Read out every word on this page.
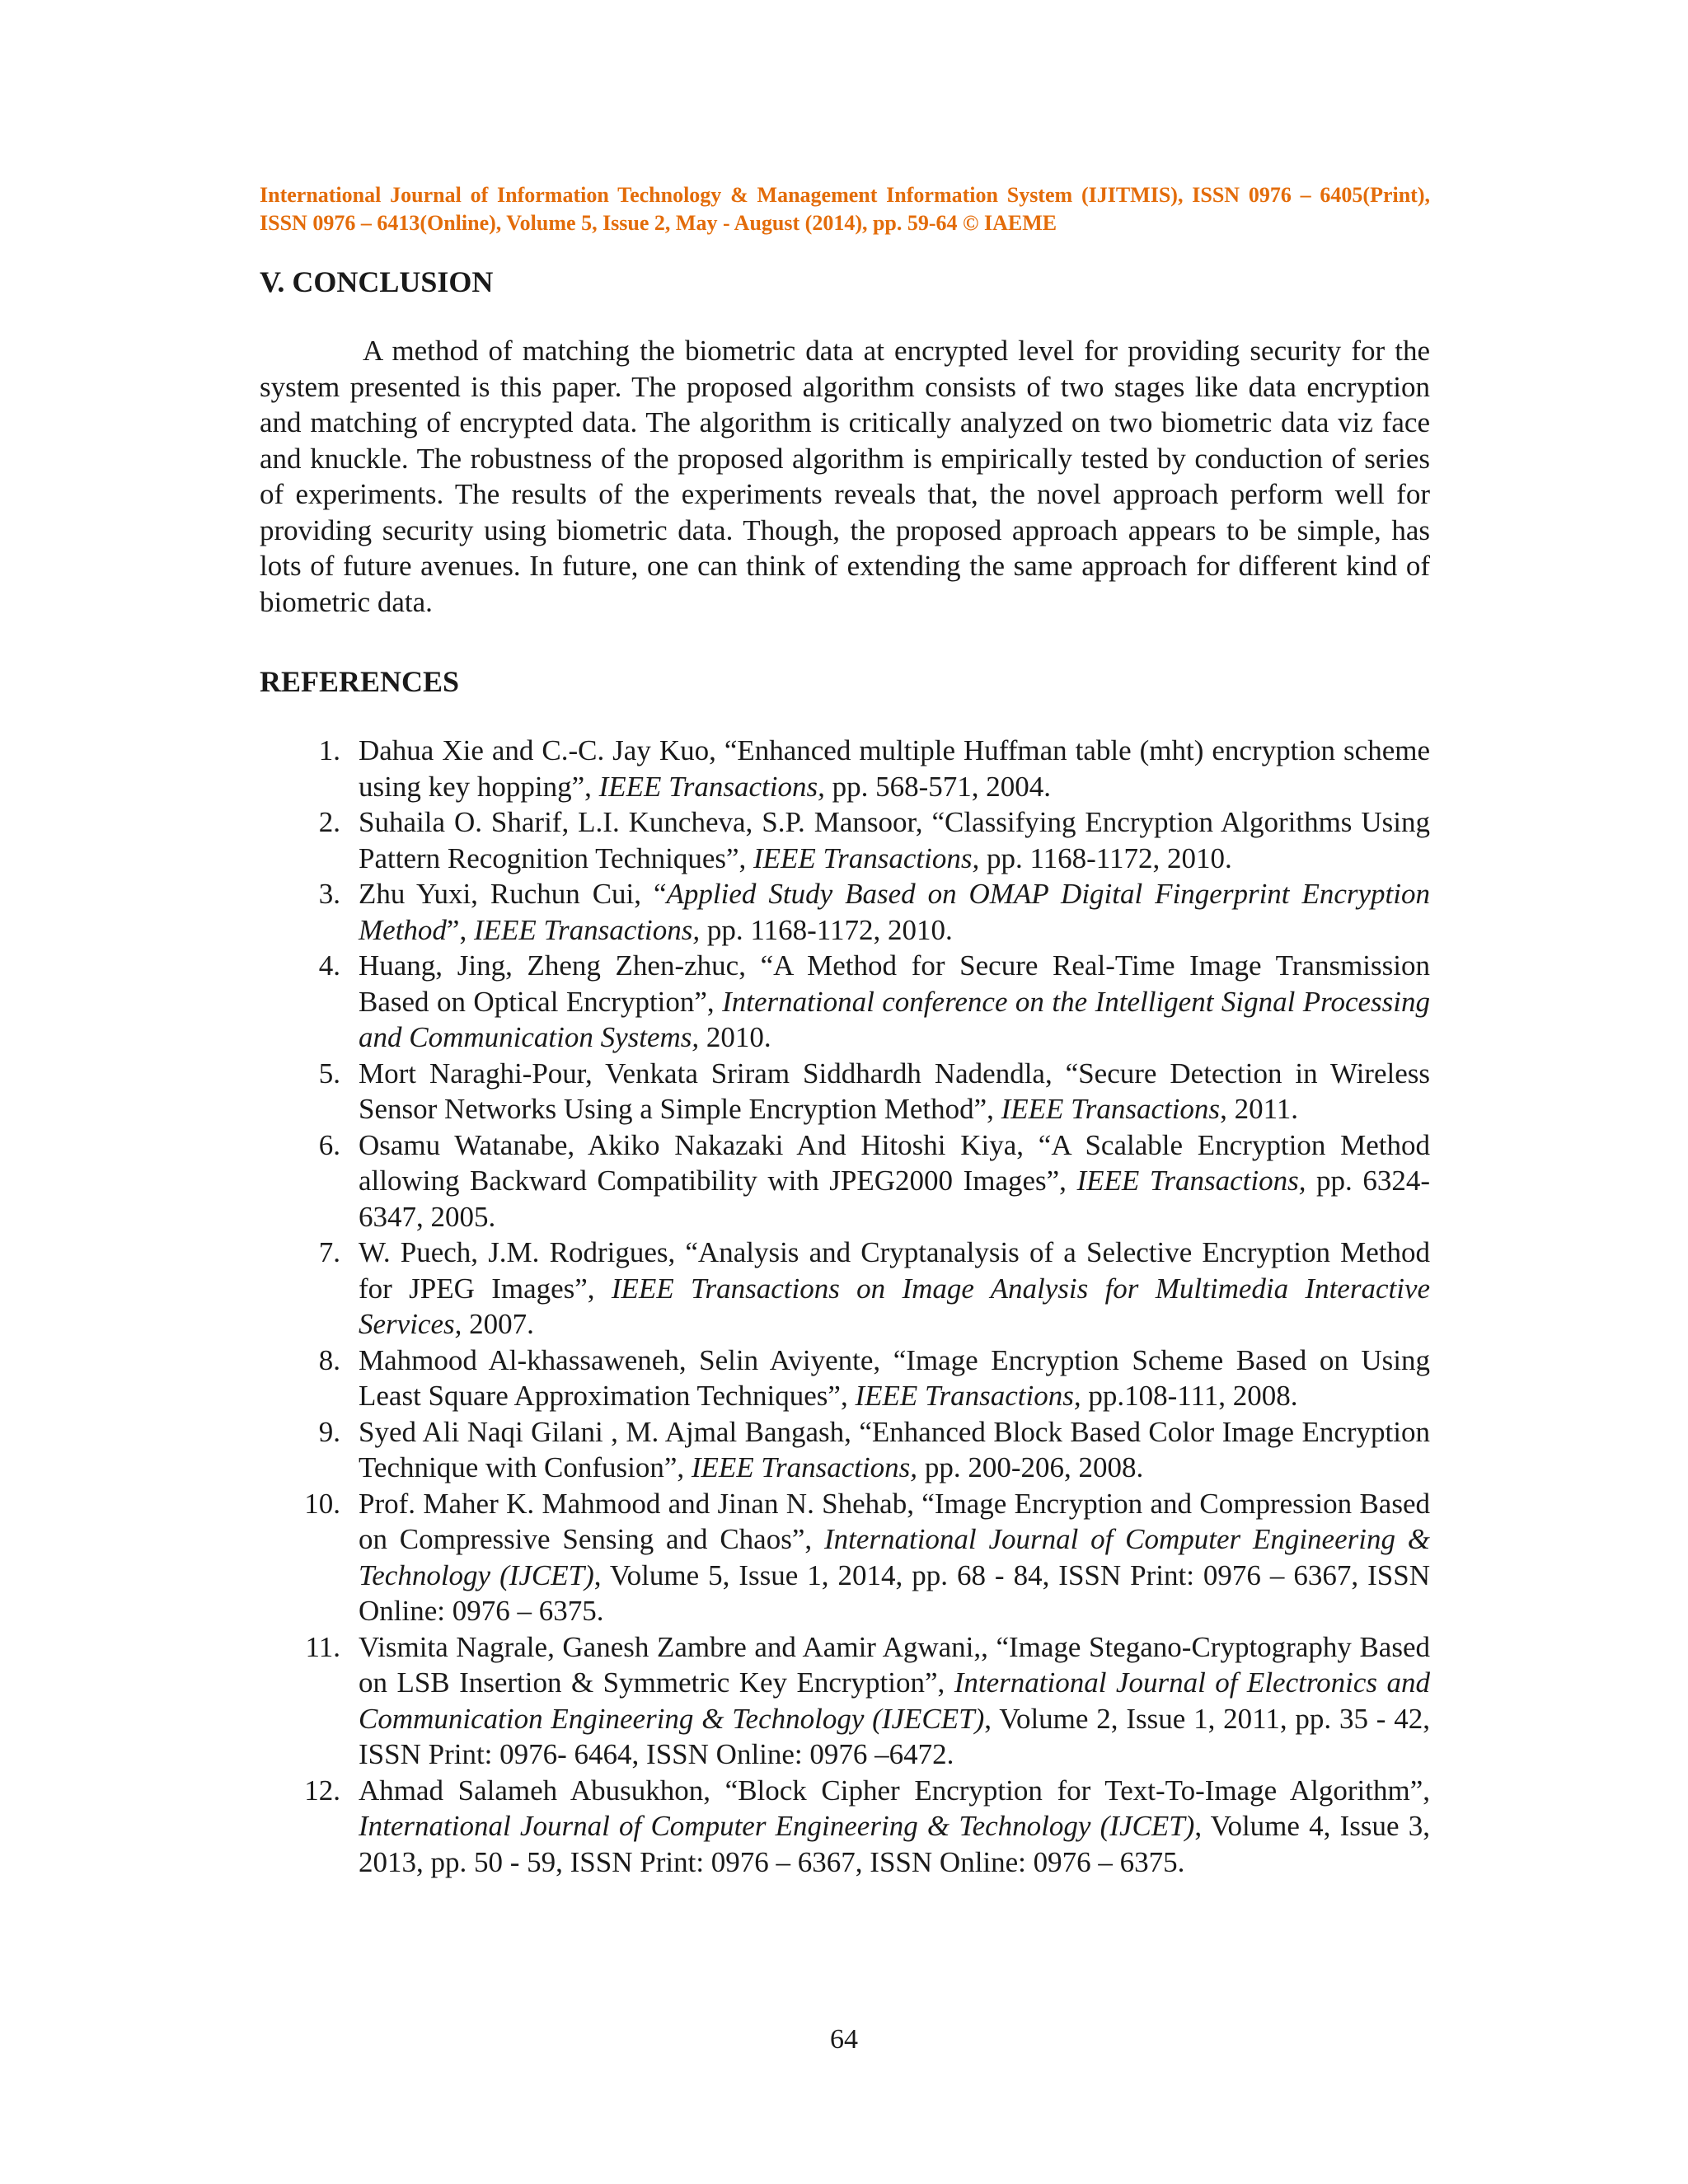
International Journal of Information Technology & Management Information System (IJITMIS), ISSN 0976 – 6405(Print), ISSN 0976 – 6413(Online), Volume 5, Issue 2, May - August (2014), pp. 59-64 © IAEME
V. CONCLUSION

A method of matching the biometric data at encrypted level for providing security for the system presented is this paper. The proposed algorithm consists of two stages like data encryption and matching of encrypted data. The algorithm is critically analyzed on two biometric data viz face and knuckle. The robustness of the proposed algorithm is empirically tested by conduction of series of experiments. The results of the experiments reveals that, the novel approach perform well for providing security using biometric data. Though, the proposed approach appears to be simple, has lots of future avenues. In future, one can think of extending the same approach for different kind of biometric data.

REFERENCES
1. Dahua Xie and C.-C. Jay Kuo, “Enhanced multiple Huffman table (mht) encryption scheme using key hopping”, IEEE Transactions, pp. 568-571, 2004.
2. Suhaila O. Sharif, L.I. Kuncheva, S.P. Mansoor, “Classifying Encryption Algorithms Using Pattern Recognition Techniques”, IEEE Transactions, pp. 1168-1172, 2010.
3. Zhu Yuxi, Ruchun Cui, “Applied Study Based on OMAP Digital Fingerprint Encryption Method”, IEEE Transactions, pp. 1168-1172, 2010.
4. Huang, Jing, Zheng Zhen-zhuc, “A Method for Secure Real-Time Image Transmission Based on Optical Encryption”, International conference on the Intelligent Signal Processing and Communication Systems, 2010.
5. Mort Naraghi-Pour, Venkata Sriram Siddhardh Nadendla, “Secure Detection in Wireless Sensor Networks Using a Simple Encryption Method”, IEEE Transactions, 2011.
6. Osamu Watanabe, Akiko Nakazaki And Hitoshi Kiya, “A Scalable Encryption Method allowing Backward Compatibility with JPEG2000 Images”, IEEE Transactions, pp. 6324-6347, 2005.
7. W. Puech, J.M. Rodrigues, “Analysis and Cryptanalysis of a Selective Encryption Method for JPEG Images”, IEEE Transactions on Image Analysis for Multimedia Interactive Services, 2007.
8. Mahmood Al-khassaweneh, Selin Aviyente, “Image Encryption Scheme Based on Using Least Square Approximation Techniques”, IEEE Transactions, pp.108-111, 2008.
9. Syed Ali Naqi Gilani , M. Ajmal Bangash, “Enhanced Block Based Color Image Encryption Technique with Confusion”, IEEE Transactions, pp. 200-206, 2008.
10. Prof. Maher K. Mahmood and Jinan N. Shehab, “Image Encryption and Compression Based on Compressive Sensing and Chaos”, International Journal of Computer Engineering & Technology (IJCET), Volume 5, Issue 1, 2014, pp. 68 - 84, ISSN Print: 0976 – 6367, ISSN Online: 0976 – 6375.
11. Vismita Nagrale, Ganesh Zambre and Aamir Agwani,, “Image Stegano-Cryptography Based on LSB Insertion & Symmetric Key Encryption”, International Journal of Electronics and Communication Engineering & Technology (IJECET), Volume 2, Issue 1, 2011, pp. 35 - 42, ISSN Print: 0976- 6464, ISSN Online: 0976 –6472.
12. Ahmad Salameh Abusukhon, “Block Cipher Encryption for Text-To-Image Algorithm”, International Journal of Computer Engineering & Technology (IJCET), Volume 4, Issue 3, 2013, pp. 50 - 59, ISSN Print: 0976 – 6367, ISSN Online: 0976 – 6375.
64
